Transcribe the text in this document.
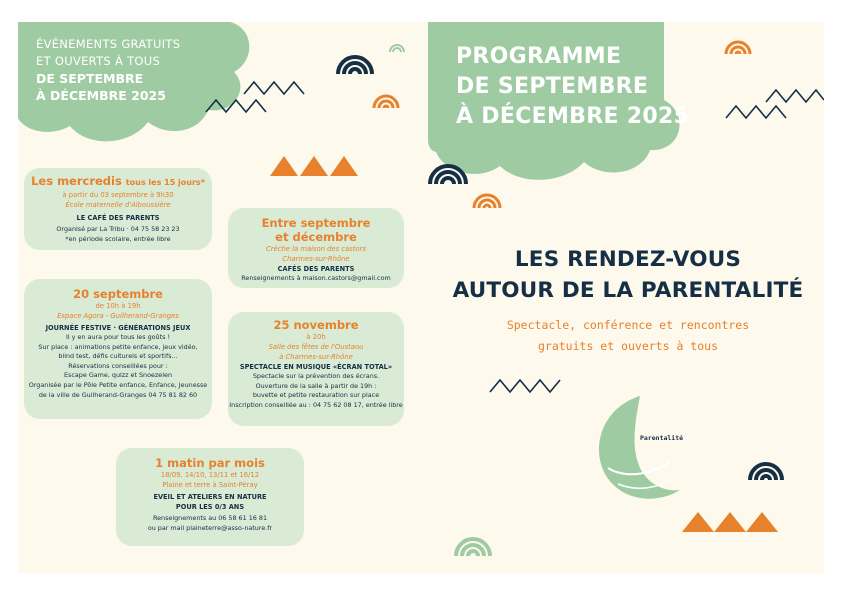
ÉVÉNEMENTS GRATUITS
ET OUVERTS À TOUS
DE SEPTEMBRE
À DÉCEMBRE 2025
PROGRAMME
DE SEPTEMBRE
À DÉCEMBRE 2025
LES RENDEZ-VOUS
AUTOUR DE LA PARENTALITÉ
Spectacle, conférence et rencontres
gratuits et ouverts à tous
Parentalité
Les mercredis tous les 15 jours*
à partir du 03 septembre à 9h30
École maternelle d'Alboussière
LE CAFÉ DES PARENTS
Organisé par La Tribu · 04 75 58 23 23
*en période scolaire, entrée libre
Entre septembre
et décembre
Crèche la maison des castors
Charmes-sur-Rhône
CAFÉS DES PARENTS
Renseignements à maison.castors@gmail.com
20 septembre
de 10h à 19h
Espace Agora - Guilherand-Granges
JOURNÉE FESTIVE · GÉNÉRATIONS JEUX
Il y en aura pour tous les goûts !
Sur place : animations petite enfance, jeux vidéo,
blind test, défis culturels et sportifs...
Réservations conseillées pour :
Escape Game, quizz et Snoezelen
Organisée par le Pôle Petite enfance, Enfance, Jeunesse
de la ville de Guilherand-Granges 04 75 81 82 60
25 novembre
à 20h
Salle des fêtes de l'Oustaou
à Charmes-sur-Rhône
SPECTACLE EN MUSIQUE «ÉCRAN TOTAL»
Spectacle sur la prévention des écrans.
Ouverture de la salle à partir de 19h :
buvette et petite restauration sur place
Inscription conseillée au : 04 75 62 08 17, entrée libre
1 matin par mois
18/09, 14/10, 13/11 et 16/12
Plaine et terre à Saint-Péray
EVEIL ET ATELIERS EN NATURE
POUR LES 0/3 ANS
Renseignements au 06 58 61 16 81
ou par mail plaineterre@asso-nature.fr
